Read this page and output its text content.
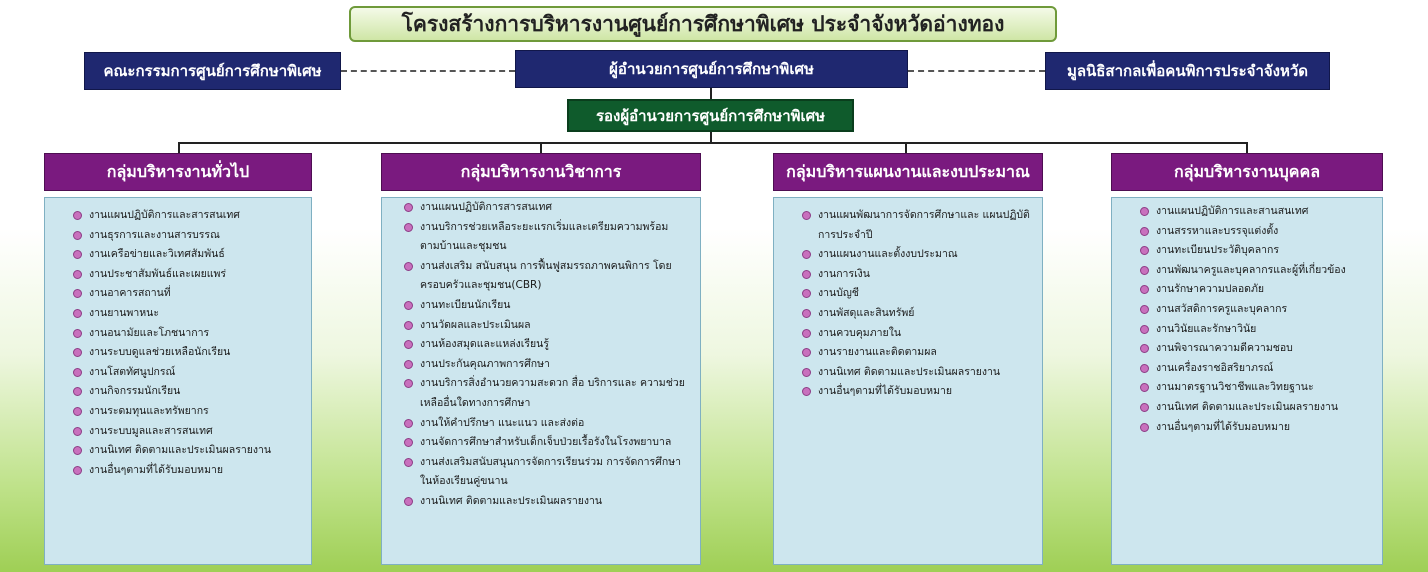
โครงสร้างการบริหารงานศูนย์การศึกษาพิเศษ ประจำจังหวัดอ่างทอง
คณะกรรมการศูนย์การศึกษาพิเศษ	ผู้อำนวยการศูนย์การศึกษาพิเศษ	มูลนิธิสากลเพื่อคนพิการประจำจังหวัด
รองผู้อำนวยการศูนย์การศึกษาพิเศษ
กลุ่มบริหารงานทั่วไป	กลุ่มบริหารงานวิชาการ	กลุ่มบริหารแผนงานและงบประมาณ	กลุ่มบริหารงานบุคคล
งานแผนปฏิบัติการและสารสนเทศ
งานธุรการและงานสารบรรณ
งานเครือข่ายและวิเทศสัมพันธ์
งานประชาสัมพันธ์และเผยแพร่
งานอาคารสถานที่
งานยานพาหนะ
งานอนามัยและโภชนาการ
งานระบบดูแลช่วยเหลือนักเรียน
งานโสตทัศนูปกรณ์
งานกิจกรรมนักเรียน
งานระดมทุนและทรัพยากร
งานระบบมูลและสารสนเทศ
งานนิเทศ ติดตามและประเมินผลรายงาน
งานอื่นๆตามที่ได้รับมอบหมาย
งานแผนปฏิบัติการสารสนเทศ
งานบริการช่วยเหลือระยะแรกเริ่มและเตรียมความพร้อม ตามบ้านและชุมชน
งานส่งเสริม สนับสนุน การฟื้นฟูสมรรถภาพคนพิการ โดยครอบครัวและชุมชน(CBR)
งานทะเบียนนักเรียน
งานวัดผลและประเมินผล
งานห้องสมุดและแหล่งเรียนรู้
งานประกันคุณภาพการศึกษา
งานบริการสิ่งอำนวยความสะดวก สื่อ บริการและ ความช่วยเหลืออื่นใดทางการศึกษา
งานให้คำปรึกษา แนะแนว และส่งต่อ
งานจัดการศึกษาสำหรับเด็กเจ็บป่วยเรื้อรังในโรงพยาบาล
งานส่งเสริมสนับสนุนการจัดการเรียนร่วม การจัดการศึกษา ในห้องเรียนคู่ขนาน
งานนิเทศ ติดตามและประเมินผลรายงาน
งานแผนพัฒนาการจัดการศึกษาและ แผนปฏิบัติการประจำปี
งานแผนงานและตั้งงบประมาณ
งานการเงิน
งานบัญชี
งานพัสดุและสินทรัพย์
งานควบคุมภายใน
งานรายงานและติดตามผล
งานนิเทศ ติดตามและประเมินผลรายงาน
งานอื่นๆตามที่ได้รับมอบหมาย
งานแผนปฏิบัติการและสานสนเทศ
งานสรรหาและบรรจุแต่งตั้ง
งานทะเบียนประวัติบุคลากร
งานพัฒนาครูและบุคลากรและผู้ที่เกี่ยวข้อง
งานรักษาความปลอดภัย
งานสวัสดิการครูและบุคลากร
งานวินัยและรักษาวินัย
งานพิจารณาความดีความชอบ
งานเครื่องราชอิสริยาภรณ์
งานมาตรฐานวิชาชีพและวิทยฐานะ
งานนิเทศ ติดตามและประเมินผลรายงาน
งานอื่นๆตามที่ได้รับมอบหมาย
